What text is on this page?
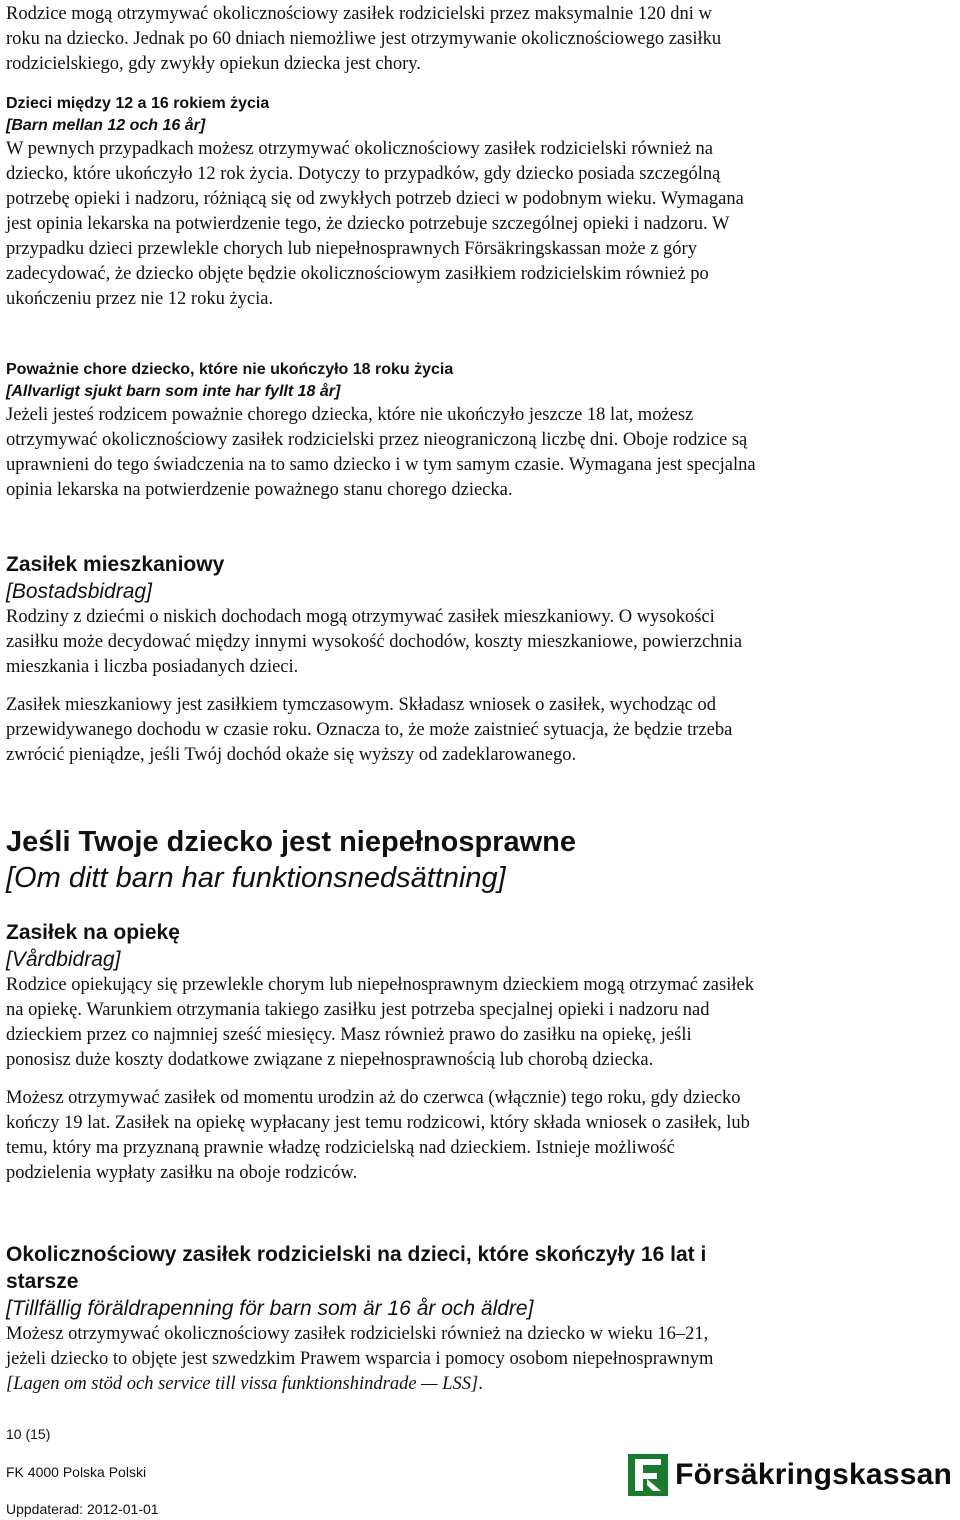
Rodzice mogą otrzymywać okolicznościowy zasiłek rodzicielski przez maksymalnie 120 dni w roku na dziecko. Jednak po 60 dniach niemożliwe jest otrzymywanie okolicznościowego zasiłku rodzicielskiego, gdy zwykły opiekun dziecka jest chory.

Dzieci między 12 a 16 rokiem życia

[Barn mellan 12 och 16 år]

W pewnych przypadkach możesz otrzymywać okolicznościowy zasiłek rodzicielski również na dziecko, które ukończyło 12 rok życia. Dotyczy to przypadków, gdy dziecko posiada szczególną potrzebę opieki i nadzoru, różniącą się od zwykłych potrzeb dzieci w podobnym wieku. Wymagana jest opinia lekarska na potwierdzenie tego, że dziecko potrzebuje szczególnej opieki i nadzoru. W przypadku dzieci przewlekle chorych lub niepełnosprawnych Försäkringskassan może z góry zadecydować, że dziecko objęte będzie okolicznościowym zasiłkiem rodzicielskim również po ukończeniu przez nie 12 roku życia.

Poważnie chore dziecko, które nie ukończyło 18 roku życia

[Allvarligt sjukt barn som inte har fyllt 18 år]

Jeżeli jesteś rodzicem poważnie chorego dziecka, które nie ukończyło jeszcze 18 lat, możesz otrzymywać okolicznościowy zasiłek rodzicielski przez nieograniczoną liczbę dni. Oboje rodzice są uprawnieni do tego świadczenia na to samo dziecko i w tym samym czasie. Wymagana jest specjalna opinia lekarska na potwierdzenie poważnego stanu chorego dziecka.

Zasiłek mieszkaniowy

[Bostadsbidrag]

Rodziny z dziećmi o niskich dochodach mogą otrzymywać zasiłek mieszkaniowy. O wysokości zasiłku może decydować między innymi wysokość dochodów, koszty mieszkaniowe, powierzchnia mieszkania i liczba posiadanych dzieci.

Zasiłek mieszkaniowy jest zasiłkiem tymczasowym. Składasz wniosek o zasiłek, wychodząc od przewidywanego dochodu w czasie roku. Oznacza to, że może zaistnieć sytuacja, że będzie trzeba zwrócić pieniądze, jeśli Twój dochód okaże się wyższy od zadeklarowanego.

Jeśli Twoje dziecko jest niepełnosprawne

[Om ditt barn har funktionsnedsättning]

Zasiłek na opiekę

[Vårdbidrag]

Rodzice opiekujący się przewlekle chorym lub niepełnosprawnym dzieckiem mogą otrzymać zasiłek na opiekę. Warunkiem otrzymania takiego zasiłku jest potrzeba specjalnej opieki i nadzoru nad dzieckiem przez co najmniej sześć miesięcy. Masz również prawo do zasiłku na opiekę, jeśli ponosisz duże koszty dodatkowe związane z niepełnosprawnością lub chorobą dziecka.

Możesz otrzymywać zasiłek od momentu urodzin aż do czerwca (włącznie) tego roku, gdy dziecko kończy 19 lat. Zasiłek na opiekę wypłacany jest temu rodzicowi, który składa wniosek o zasiłek, lub temu, który ma przyznaną prawnie władzę rodzicielską nad dzieckiem. Istnieje możliwość podzielenia wypłaty zasiłku na oboje rodziców.

Okolicznościowy zasiłek rodzicielski na dzieci, które skończyły 16 lat i starsze

[Tillfällig föräldrapenning för barn som är 16 år och äldre]

Możesz otrzymywać okolicznościowy zasiłek rodzicielski również na dziecko w wieku 16–21, jeżeli dziecko to objęte jest szwedzkim Prawem wsparcia i pomocy osobom niepełnosprawnym [Lagen om stöd och service till vissa funktionshindrade — LSS].

10 (15)
FK 4000 Polska Polski
Uppdaterad: 2012-01-01
Försäkringskassan
